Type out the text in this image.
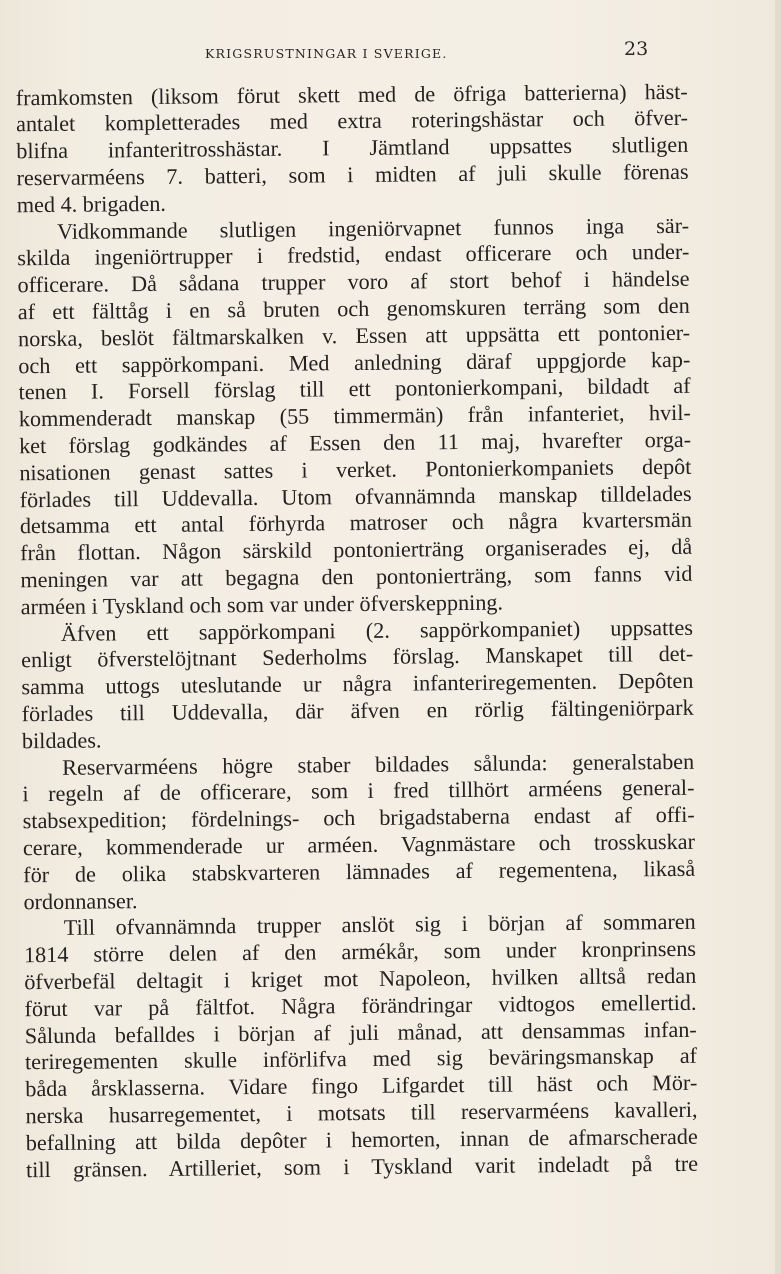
KRIGSRUSTNINGAR I SVERIGE.	23
framkomsten (liksom förut skett med de öfriga batterierna) häst-
antalet kompletterades med extra roteringshästar och öfver-
blifna infanteritrosshästar. I Jämtland uppsattes slutligen
reservarméens 7. batteri, som i midten af juli skulle förenas
med 4. brigaden.
Vidkommande slutligen ingeniörvapnet funnos inga sär-
skilda ingeniörtrupper i fredstid, endast officerare och under-
officerare. Då sådana trupper voro af stort behof i händelse
af ett fälttåg i en så bruten och genomskuren terräng som den
norska, beslöt fältmarskalken v. Essen att uppsätta ett pontonier-
och ett sappörkompani. Med anledning däraf uppgjorde kap-
tenen I. Forsell förslag till ett pontonierkompani, bildadt af
kommenderadt manskap (55 timmermän) från infanteriet, hvil-
ket förslag godkändes af Essen den 11 maj, hvarefter orga-
nisationen genast sattes i verket. Pontonierkompaniets depôt
förlades till Uddevalla. Utom ofvannämnda manskap tilldelades
detsamma ett antal förhyrda matroser och några kvartersmän
från flottan. Någon särskild pontonierträng organiserades ej, då
meningen var att begagna den pontonierträng, som fanns vid
arméen i Tyskland och som var under öfverskeppning.
Äfven ett sappörkompani (2. sappörkompaniet) uppsattes
enligt öfverstelöjtnant Sederholms förslag. Manskapet till det-
samma uttogs uteslutande ur några infanteriregementen. Depôten
förlades till Uddevalla, där äfven en rörlig fältingeniörpark
bildades.
Reservarméens högre staber bildades sålunda: generalstaben
i regeln af de officerare, som i fred tillhört arméens general-
stabsexpedition; fördelnings- och brigadstaberna endast af offi-
cerare, kommenderade ur arméen. Vagnmästare och trosskuskar
för de olika stabskvarteren lämnades af regementena, likaså
ordonnanser.
Till ofvannämnda trupper anslöt sig i början af sommaren
1814 större delen af den armékår, som under kronprinsens
öfverbefäl deltagit i kriget mot Napoleon, hvilken alltså redan
förut var på fältfot. Några förändringar vidtogos emellertid.
Sålunda befalldes i början af juli månad, att densammas infan-
teriregementen skulle införlifva med sig beväringsmanskap af
båda årsklasserna. Vidare fingo Lifgardet till häst och Mör-
nerska husarregementet, i motsats till reservarméens kavalleri,
befallning att bilda depôter i hemorten, innan de afmarscherade
till gränsen. Artilleriet, som i Tyskland varit indeladt på tre
